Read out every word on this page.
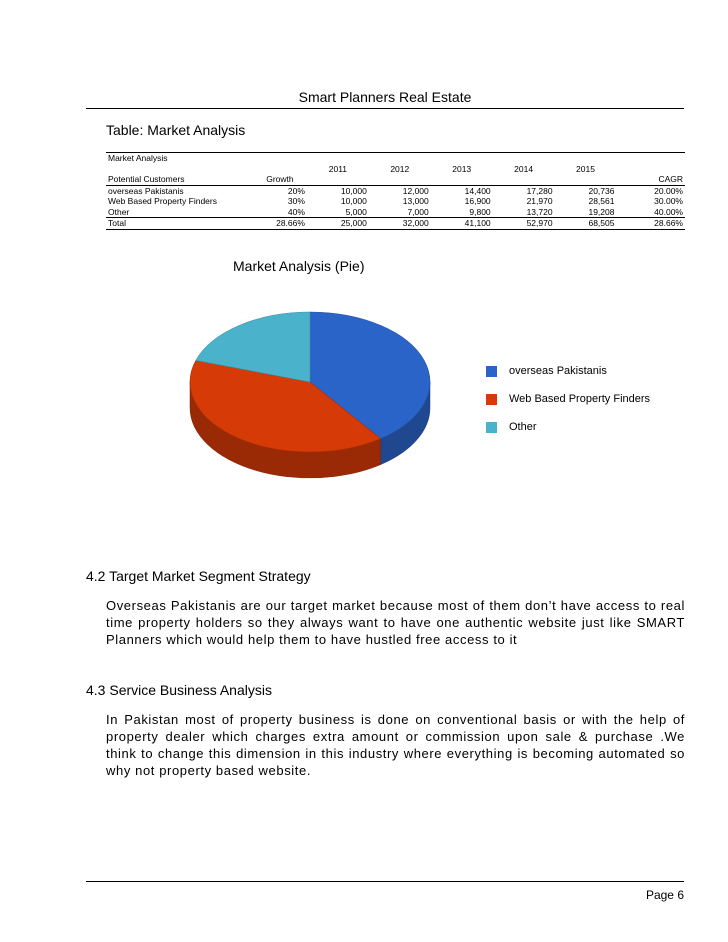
Smart Planners Real Estate
Table: Market Analysis
Market Analysis							
		2011	2012	2013	2014	2015	
Potential Customers	Growth						CAGR
overseas Pakistanis	20%	10,000	12,000	14,400	17,280	20,736	20.00%
Web Based Property Finders	30%	10,000	13,000	16,900	21,970	28,561	30.00%
Other	40%	5,000	7,000	9,800	13,720	19,208	40.00%
Total	28.66%	25,000	32,000	41,100	52,970	68,505	28.66%
Market Analysis (Pie)
overseas Pakistanis
Web Based Property Finders
Other
4.2 Target Market Segment Strategy
Overseas Pakistanis are our target market because most of them don’t have access to real time property holders so they always want to have one authentic website just like SMART Planners which would help them to have hustled free access to it
4.3 Service Business Analysis
In Pakistan most of property business is done on conventional basis or with the help of property dealer which charges extra amount or commission upon sale & purchase .We think to change this dimension in this industry where everything is becoming automated so why not property based website.
Page 6
